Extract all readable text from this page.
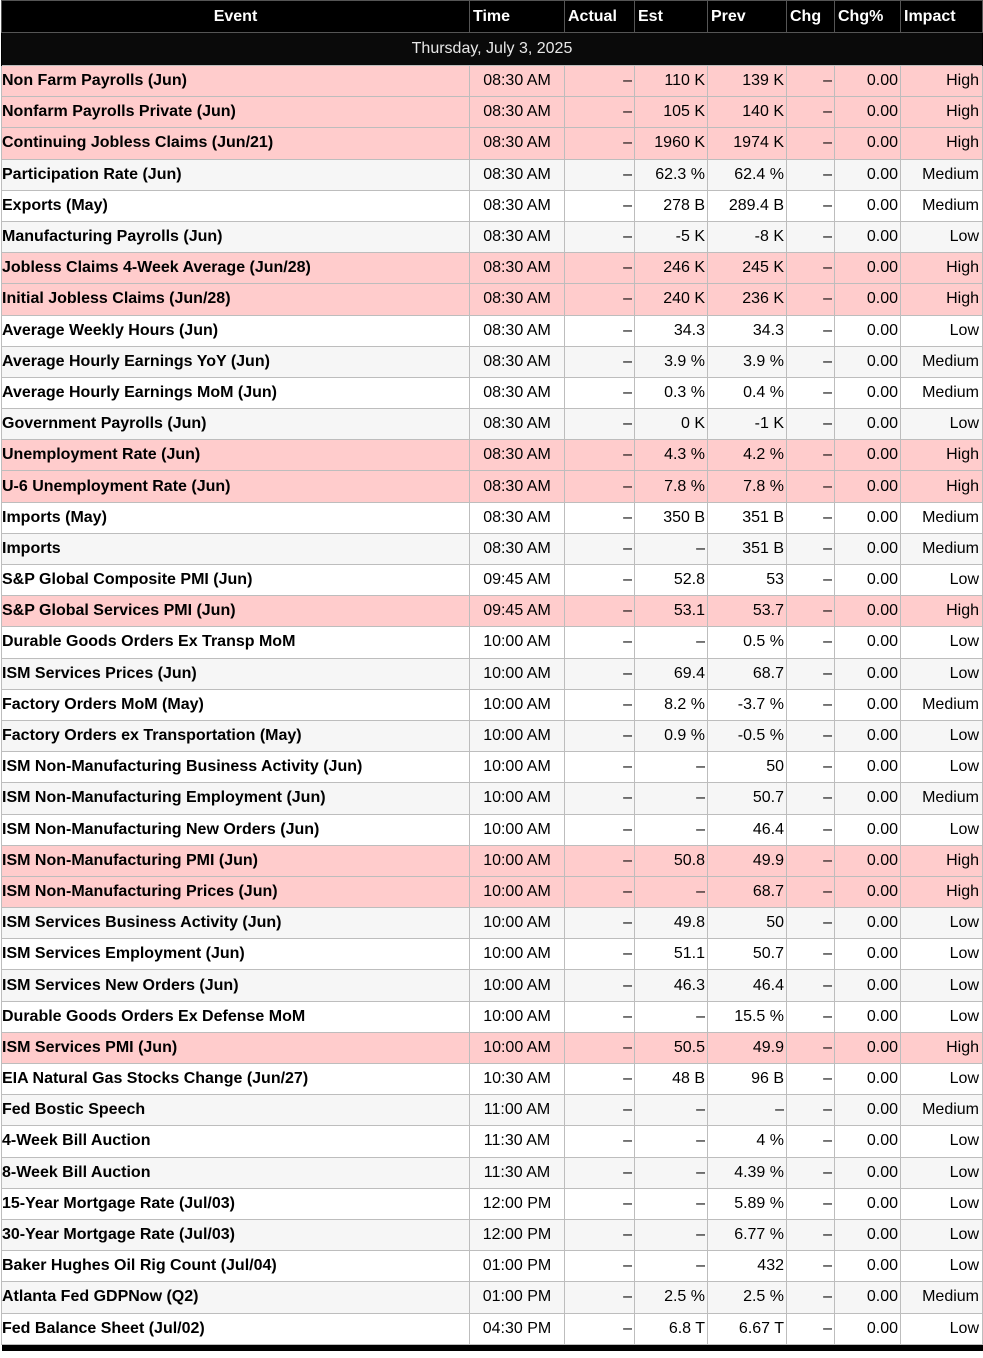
Event	Time	Actual	Est	Prev	Chg	Chg%	Impact
Thursday, July 3, 2025							
Non Farm Payrolls (Jun)	08:30 AM	–	110 K	139 K	–	0.00	High
Nonfarm Payrolls Private (Jun)	08:30 AM	–	105 K	140 K	–	0.00	High
Continuing Jobless Claims (Jun/21)	08:30 AM	–	1960 K	1974 K	–	0.00	High
Participation Rate (Jun)	08:30 AM	–	62.3 %	62.4 %	–	0.00	Medium
Exports (May)	08:30 AM	–	278 B	289.4 B	–	0.00	Medium
Manufacturing Payrolls (Jun)	08:30 AM	–	-5 K	-8 K	–	0.00	Low
Jobless Claims 4-Week Average (Jun/28)	08:30 AM	–	246 K	245 K	–	0.00	High
Initial Jobless Claims (Jun/28)	08:30 AM	–	240 K	236 K	–	0.00	High
Average Weekly Hours (Jun)	08:30 AM	–	34.3	34.3	–	0.00	Low
Average Hourly Earnings YoY (Jun)	08:30 AM	–	3.9 %	3.9 %	–	0.00	Medium
Average Hourly Earnings MoM (Jun)	08:30 AM	–	0.3 %	0.4 %	–	0.00	Medium
Government Payrolls (Jun)	08:30 AM	–	0 K	-1 K	–	0.00	Low
Unemployment Rate (Jun)	08:30 AM	–	4.3 %	4.2 %	–	0.00	High
U-6 Unemployment Rate (Jun)	08:30 AM	–	7.8 %	7.8 %	–	0.00	High
Imports (May)	08:30 AM	–	350 B	351 B	–	0.00	Medium
Imports	08:30 AM	–	–	351 B	–	0.00	Medium
S&P Global Composite PMI (Jun)	09:45 AM	–	52.8	53	–	0.00	Low
S&P Global Services PMI (Jun)	09:45 AM	–	53.1	53.7	–	0.00	High
Durable Goods Orders Ex Transp MoM	10:00 AM	–	–	0.5 %	–	0.00	Low
ISM Services Prices (Jun)	10:00 AM	–	69.4	68.7	–	0.00	Low
Factory Orders MoM (May)	10:00 AM	–	8.2 %	-3.7 %	–	0.00	Medium
Factory Orders ex Transportation (May)	10:00 AM	–	0.9 %	-0.5 %	–	0.00	Low
ISM Non-Manufacturing Business Activity (Jun)	10:00 AM	–	–	50	–	0.00	Low
ISM Non-Manufacturing Employment (Jun)	10:00 AM	–	–	50.7	–	0.00	Medium
ISM Non-Manufacturing New Orders (Jun)	10:00 AM	–	–	46.4	–	0.00	Low
ISM Non-Manufacturing PMI (Jun)	10:00 AM	–	50.8	49.9	–	0.00	High
ISM Non-Manufacturing Prices (Jun)	10:00 AM	–	–	68.7	–	0.00	High
ISM Services Business Activity (Jun)	10:00 AM	–	49.8	50	–	0.00	Low
ISM Services Employment (Jun)	10:00 AM	–	51.1	50.7	–	0.00	Low
ISM Services New Orders (Jun)	10:00 AM	–	46.3	46.4	–	0.00	Low
Durable Goods Orders Ex Defense MoM	10:00 AM	–	–	15.5 %	–	0.00	Low
ISM Services PMI (Jun)	10:00 AM	–	50.5	49.9	–	0.00	High
EIA Natural Gas Stocks Change (Jun/27)	10:30 AM	–	48 B	96 B	–	0.00	Low
Fed Bostic Speech	11:00 AM	–	–	–	–	0.00	Medium
4-Week Bill Auction	11:30 AM	–	–	4 %	–	0.00	Low
8-Week Bill Auction	11:30 AM	–	–	4.39 %	–	0.00	Low
15-Year Mortgage Rate (Jul/03)	12:00 PM	–	–	5.89 %	–	0.00	Low
30-Year Mortgage Rate (Jul/03)	12:00 PM	–	–	6.77 %	–	0.00	Low
Baker Hughes Oil Rig Count (Jul/04)	01:00 PM	–	–	432	–	0.00	Low
Atlanta Fed GDPNow (Q2)	01:00 PM	–	2.5 %	2.5 %	–	0.00	Medium
Fed Balance Sheet (Jul/02)	04:30 PM	–	6.8 T	6.67 T	–	0.00	Low
